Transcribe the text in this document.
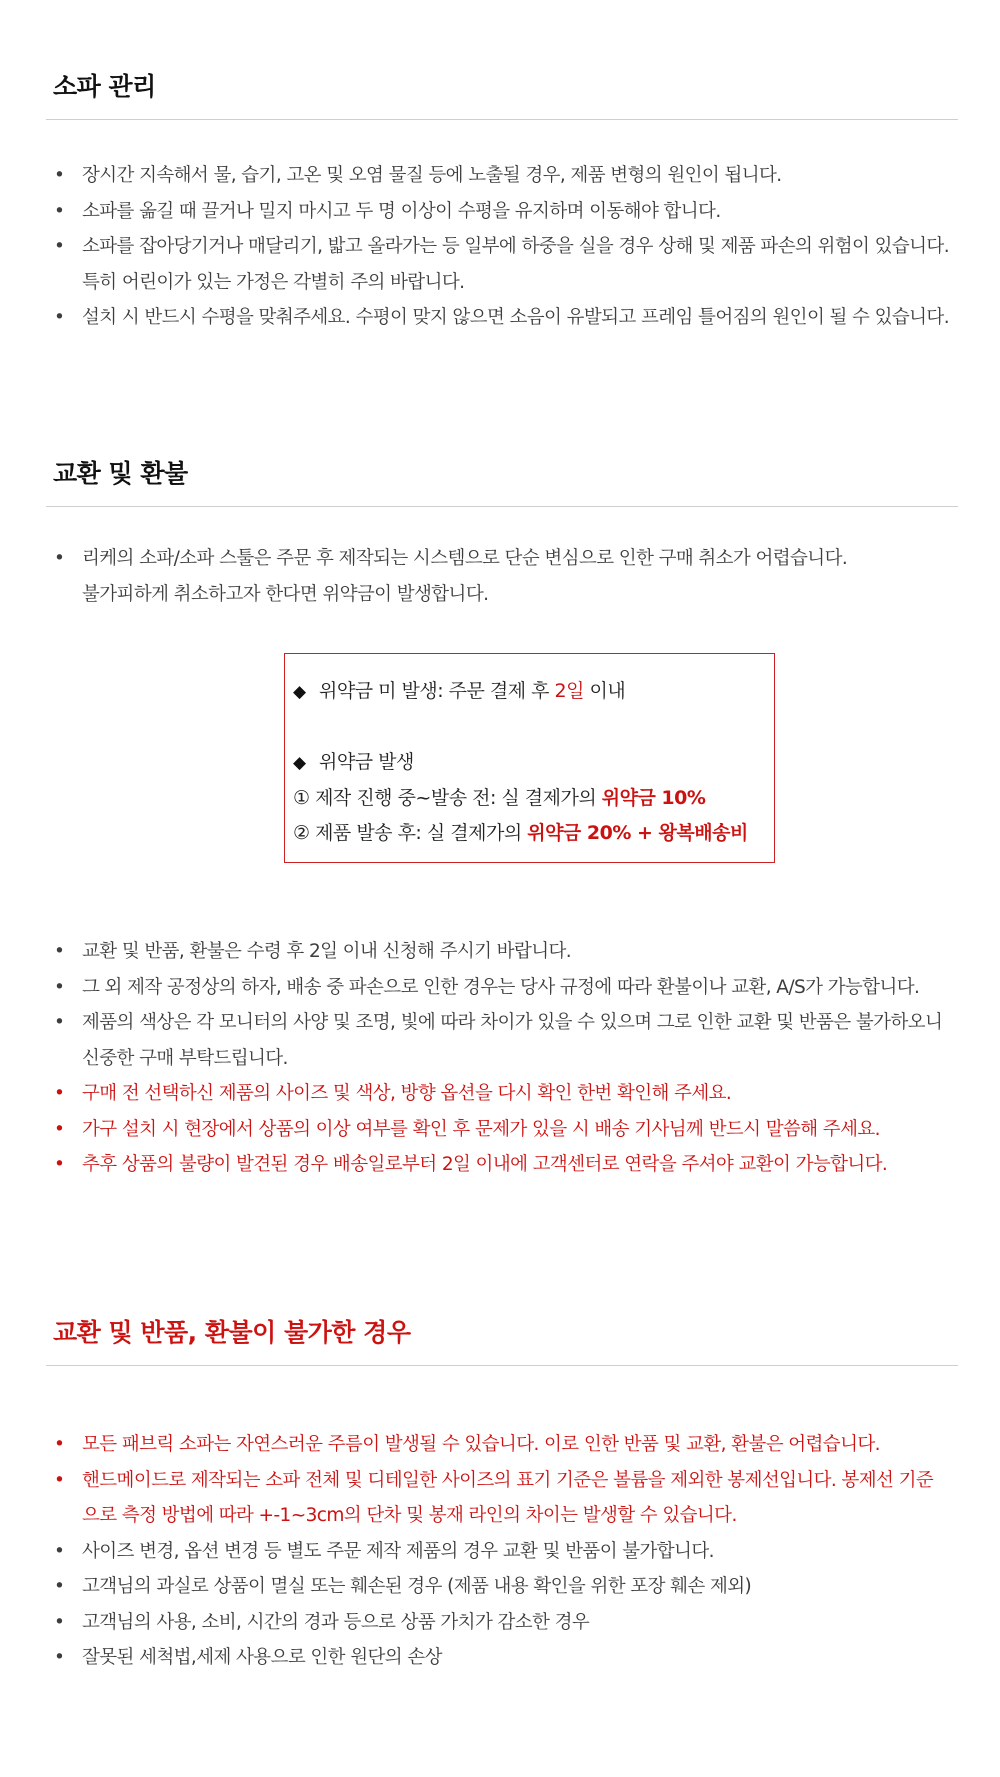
소파 관리
• 장시간 지속해서 물, 습기, 고온 및 오염 물질 등에 노출될 경우, 제품 변형의 원인이 됩니다.
• 소파를 옮길 때 끌거나 밀지 마시고 두 명 이상이 수평을 유지하며 이동해야 합니다.
• 소파를 잡아당기거나 매달리기, 밟고 올라가는 등 일부에 하중을 실을 경우 상해 및 제품 파손의 위험이 있습니다.
특히 어린이가 있는 가정은 각별히 주의 바랍니다.
• 설치 시 반드시 수평을 맞춰주세요. 수평이 맞지 않으면 소음이 유발되고 프레임 틀어짐의 원인이 될 수 있습니다.
교환 및 환불
• 리케의 소파/소파 스툴은 주문 후 제작되는 시스템으로 단순 변심으로 인한 구매 취소가 어렵습니다.
불가피하게 취소하고자 한다면 위약금이 발생합니다.
◆ 위약금 미 발생: 주문 결제 후 2일 이내
◆ 위약금 발생
① 제작 진행 중~발송 전: 실 결제가의 위약금 10%
② 제품 발송 후: 실 결제가의 위약금 20% + 왕복배송비
• 교환 및 반품, 환불은 수령 후 2일 이내 신청해 주시기 바랍니다.
• 그 외 제작 공정상의 하자, 배송 중 파손으로 인한 경우는 당사 규정에 따라 환불이나 교환, A/S가 가능합니다.
• 제품의 색상은 각 모니터의 사양 및 조명, 빛에 따라 차이가 있을 수 있으며 그로 인한 교환 및 반품은 불가하오니
신중한 구매 부탁드립니다.
• 구매 전 선택하신 제품의 사이즈 및 색상, 방향 옵션을 다시 확인 한번 확인해 주세요.
• 가구 설치 시 현장에서 상품의 이상 여부를 확인 후 문제가 있을 시 배송 기사님께 반드시 말씀해 주세요.
• 추후 상품의 불량이 발견된 경우 배송일로부터 2일 이내에 고객센터로 연락을 주셔야 교환이 가능합니다.
교환 및 반품, 환불이 불가한 경우
• 모든 패브릭 소파는 자연스러운 주름이 발생될 수 있습니다. 이로 인한 반품 및 교환, 환불은 어렵습니다.
• 핸드메이드로 제작되는 소파 전체 및 디테일한 사이즈의 표기 기준은 볼륨을 제외한 봉제선입니다. 봉제선 기준
으로 측정 방법에 따라 +-1~3cm의 단차 및 봉재 라인의 차이는 발생할 수 있습니다.
• 사이즈 변경, 옵션 변경 등 별도 주문 제작 제품의 경우 교환 및 반품이 불가합니다.
• 고객님의 과실로 상품이 멸실 또는 훼손된 경우 (제품 내용 확인을 위한 포장 훼손 제외)
• 고객님의 사용, 소비, 시간의 경과 등으로 상품 가치가 감소한 경우
• 잘못된 세척법,세제 사용으로 인한 원단의 손상
